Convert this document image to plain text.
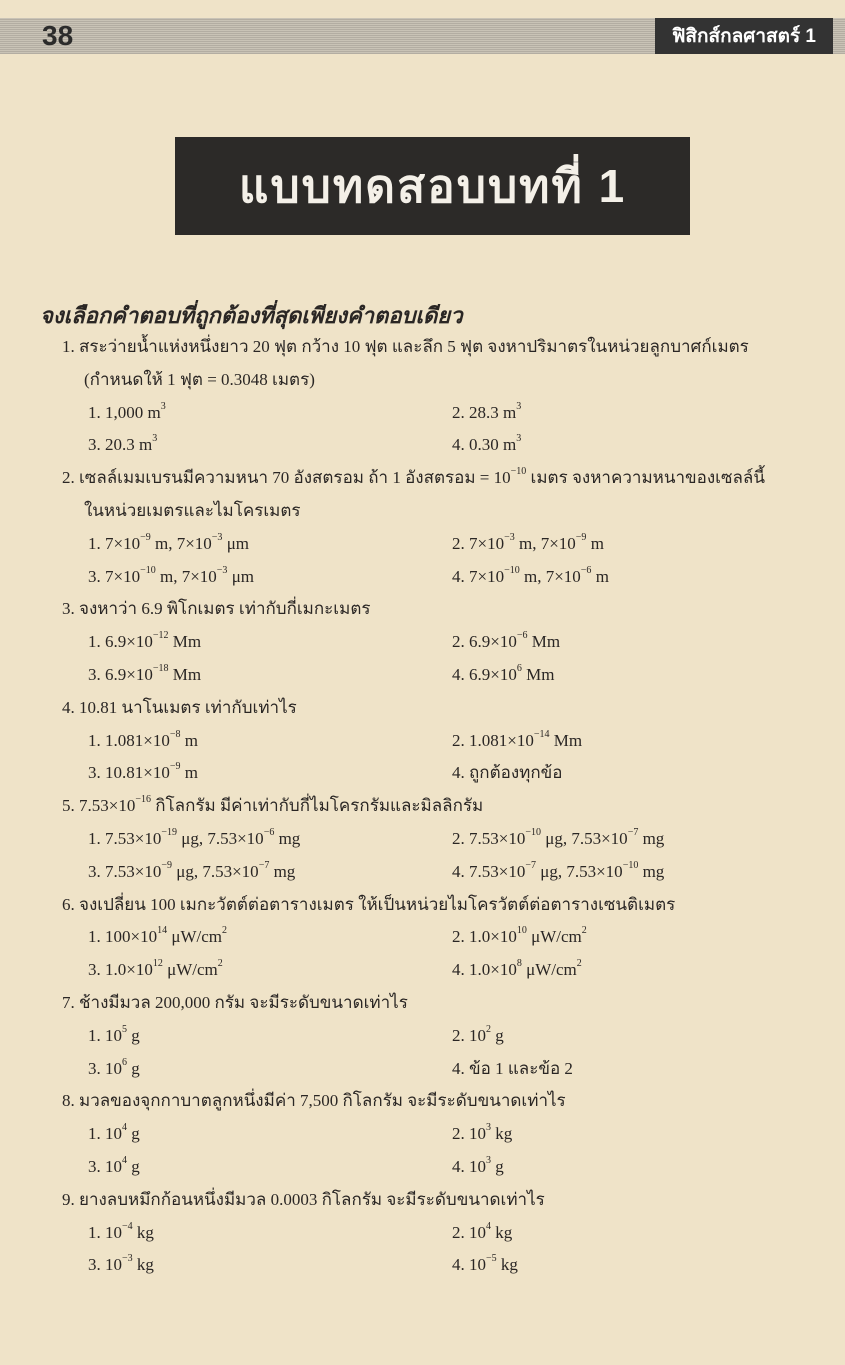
38	ฟิสิกส์กลศาสตร์ 1
แบบทดสอบบทที่ 1
จงเลือกคำตอบที่ถูกต้องที่สุดเพียงคำตอบเดียว
1. สระว่ายน้ำแห่งหนึ่งยาว 20 ฟุต กว้าง 10 ฟุต และลึก 5 ฟุต จงหาปริมาตรในหน่วยลูกบาศก์เมตร
(กำหนดให้ 1 ฟุต = 0.3048 เมตร)
1. 1,000 $m^3$	2. 28.3 $m^3$
3. 20.3 $m^3$	4. 0.30 $m^3$
2. เซลล์เมมเบรนมีความหนา 70 อังสตรอม ถ้า 1 อังสตรอม = $10^{-10}$ เมตร จงหาความหนาของเซลล์นี้
ในหน่วยเมตรและไมโครเมตร
1. $7\times 10^{-9}$ m, $7\times 10^{-3}$ μm	2. $7\times 10^{-3}$ m, $7\times 10^{-9}$ m
3. $7\times 10^{-10}$ m, $7\times 10^{-3}$ μm	4. $7\times 10^{-10}$ m, $7\times 10^{-6}$ m
3. จงหาว่า 6.9 พิโกเมตร เท่ากับกี่เมกะเมตร
1. $6.9\times 10^{-12}$ Mm	2. $6.9\times 10^{-6}$ Mm
3. $6.9\times 10^{-18}$ Mm	4. $6.9\times 10^6$ Mm
4. 10.81 นาโนเมตร เท่ากับเท่าไร
1. $1.081\times 10^{-8}$ m	2. $1.081\times 10^{-14}$ Mm
3. $10.81\times 10^{-9}$ m	4. ถูกต้องทุกข้อ
5. $7.53\times 10^{-16}$ กิโลกรัม มีค่าเท่ากับกี่ไมโครกรัมและมิลลิกรัม
1. $7.53\times 10^{-19}$ μg, $7.53\times 10^{-6}$ mg	2. $7.53\times 10^{-10}$ μg, $7.53\times 10^{-7}$ mg
3. $7.53\times 10^{-9}$ μg, $7.53\times 10^{-7}$ mg	4. $7.53\times 10^{-7}$ μg, $7.53\times 10^{-10}$ mg
6. จงเปลี่ยน 100 เมกะวัตต์ต่อตารางเมตร ให้เป็นหน่วยไมโครวัตต์ต่อตารางเซนติเมตร
1. $100\times 10^{14}$ $\mu W/cm^2$	2. $1.0\times 10^{10}$ $\mu W/cm^2$
3. $1.0\times 10^{12}$ $\mu W/cm^2$	4. $1.0\times 10^8$ $\mu W/cm^2$
7. ช้างมีมวล 200,000 กรัม จะมีระดับขนาดเท่าไร
1. $10^5$ g	2. $10^2$ g
3. $10^6$ g	4. ข้อ 1 และข้อ 2
8. มวลของจุกกาบาตลูกหนึ่งมีค่า 7,500 กิโลกรัม จะมีระดับขนาดเท่าไร
1. $10^4$ g	2. $10^3$ kg
3. $10^4$ g	4. $10^3$ g
9. ยางลบหมึกก้อนหนึ่งมีมวล 0.0003 กิโลกรัม จะมีระดับขนาดเท่าไร
1. $10^{-4}$ kg	2. $10^4$ kg
3. $10^{-3}$ kg	4. $10^{-5}$ kg
